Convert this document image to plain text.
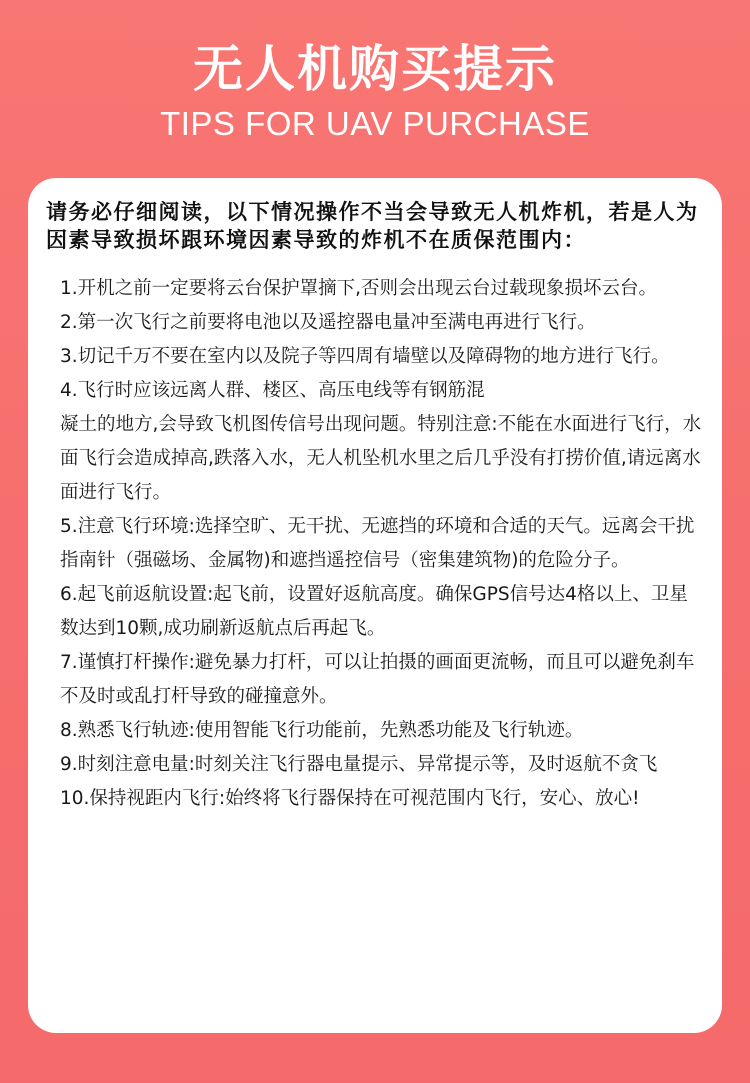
无人机购买提示
TIPS FOR UAV PURCHASE

请务必仔细阅读，以下情况操作不当会导致无人机炸机，若是人为因素导致损坏跟环境因素导致的炸机不在质保范围内：

1.开机之前一定要将云台保护罩摘下,否则会出现云台过载现象损坏云台。
2.第一次飞行之前要将电池以及遥控器电量冲至满电再进行飞行。
3.切记千万不要在室内以及院子等四周有墙壁以及障碍物的地方进行飞行。
4.飞行时应该远离人群、楼区、高压电线等有钢筋混
凝土的地方,会导致飞机图传信号出现问题。特别注意:不能在水面进行飞行，水面飞行会造成掉高,跌落入水，无人机坠机水里之后几乎没有打捞价值,请远离水面进行飞行。
5.注意飞行环境:选择空旷、无干扰、无遮挡的环境和合适的天气。远离会干扰指南针（强磁场、金属物)和遮挡遥控信号（密集建筑物)的危险分子。
6.起飞前返航设置:起飞前，设置好返航高度。确保GPS信号达4格以上、卫星数达到10颗,成功刷新返航点后再起飞。
7.谨慎打杆操作:避免暴力打杆，可以让拍摄的画面更流畅，而且可以避免刹车不及时或乱打杆导致的碰撞意外。
8.熟悉飞行轨迹:使用智能飞行功能前，先熟悉功能及飞行轨迹。
9.时刻注意电量:时刻关注飞行器电量提示、异常提示等，及时返航不贪飞
10.保持视距内飞行:始终将飞行器保持在可视范围内飞行，安心、放心!
